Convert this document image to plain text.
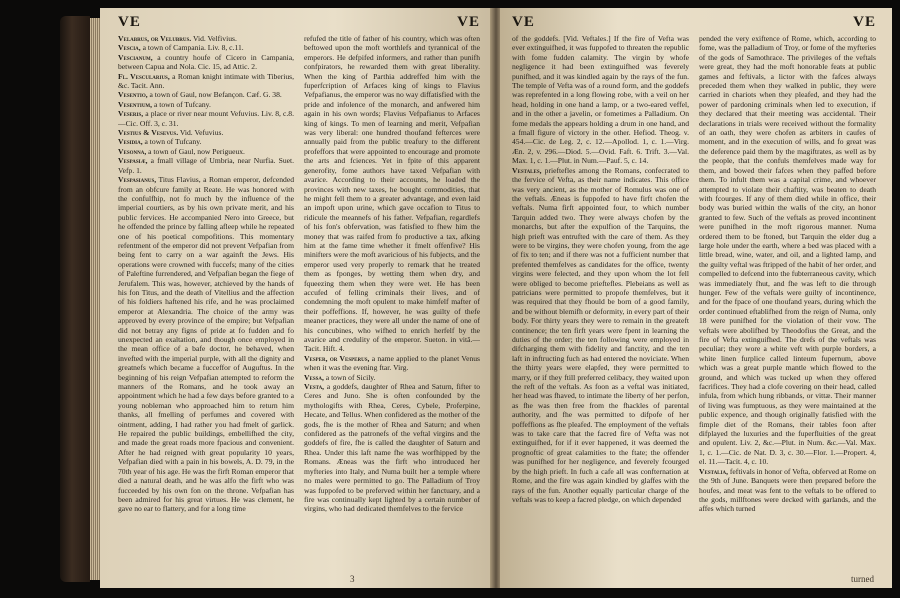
VE	VE

Velabrus, or Velubrus. Vid. Velfivius.

Vescia, a town of Campania. Liv. 8, c.11.

Vescianum, a country houfe of Cicero in Campania, between Capua and Nola. Cic. 15, ad Attic. 2.

Fl. Vescularius, a Roman knight intimate with Tiberius, &c. Tacit. Ann.

Vesentio, a town of Gaul, now Befançon. Cæf. G. 38.

Vesentium, a town of Tufcany.

Veseris, a place or river near mount Vefuvius. Liv. 8, c.8.—Cic. Off. 3, c. 31.

Vestius & Vesevus. Vid. Vefuvius.

Vesidia, a town of Tufcany.

Vesonna, a town of Gaul, now Perigueux.

Vespasiæ, a fmall village of Umbria, near Nurfia. Suet. Vefp. 1.

Vespasianus, Titus Flavius, a Roman emperor, defcended from an obfcure family at Reate. He was honored with the confulfhip, not fo much by the influence of the imperial courtiers, as by his own private merit, and his public fervices. He accompanied Nero into Greece, but he offended the prince by falling afleep while he repeated one of his poetical compofitions. This momentary refentment of the emperor did not prevent Vefpafian from being fent to carry on a war againft the Jews. His operations were crowned with fuccefs; many of the cities of Paleftine furrendered, and Vefpafian began the fiege of Jerufalem. This was, however, atchieved by the hands of his fon Titus, and the death of Vitellius and the affection of his foldiers haftened his rife, and he was proclaimed emperor at Alexandria. The choice of the army was approved by every province of the empire; but Vefpafian did not betray any figns of pride at fo fudden and fo unexpected an exaltation, and though once employed in the mean office of a bafe doctor, he behaved, when invefted with the imperial purple, with all the dignity and greatnefs which became a fucceffor of Auguftus. In the beginning of his reign Vefpafian attempted to reform the manners of the Romans, and he took away an appointment which he had a few days before granted to a young nobleman who approached him to return him thanks, all fmelling of perfumes and covered with ointment, adding, I had rather you had fmelt of garlick. He repaired the public buildings, embellifhed the city, and made the great roads more fpacious and convenient. After he had reigned with great popularity 10 years, Vefpafian died with a pain in his bowels, A. D. 79, in the 70th year of his age. He was the firft Roman emperor that died a natural death, and he was alfo the firft who was fucceeded by his own fon on the throne. Vefpafian has been admired for his great virtues. He was clement, he gave no ear to flattery, and for a long time

refufed the title of father of his country, which was often beftowed upon the moft worthlefs and tyrannical of the emperors. He defpifed informers, and rather than punifh confpirators, he rewarded them with great liberality. When the king of Parthia addreffed him with the fuperfcription of Arfaces king of kings to Flavius Vefpafianus, the emperor was no way diffatisfied with the pride and infolence of the monarch, and anfwered him again in his own words; Flavius Vefpafianus to Arfaces king of kings. To men of learning and merit, Vefpafian was very liberal: one hundred thoufand fefterces were annually paid from the public treafury to the different profeffors that were appointed to encourage and promote the arts and fciences. Yet in fpite of this apparent generofity, fome authors have taxed Vefpafian with avarice. According to their accounts, he loaded the provinces with new taxes, he bought commodities, that he might fell them to a greater advantage, and even laid an impoft upon urine, which gave occafion to Titus to ridicule the meannefs of his father. Vefpafian, regardlefs of his fon's obfervation, was fatisfied to fhew him the money that was raifed from fo productive a tax, afking him at the fame time whether it fmelt offenfive? His minifters were the moft avaricious of his fubjects, and the emperor used very properly to remark that he treated them as fponges, by wetting them when dry, and fqueezing them when they were wet. He has been accufed of felling criminals their lives, and of condemning the moft opulent to make himfelf mafter of their poffeffions. If, however, he was guilty of thefe meaner practices, they were all under the name of one of his concubines, who wifhed to enrich herfelf by the avarice and credulity of the emperor. Sueton. in vitâ.—Tacit. Hift. 4.

Vesper, or Vesperus, a name applied to the planet Venus when it was the evening ftar. Virg.

Vessa, a town of Sicily.

Vesta, a goddefs, daughter of Rhea and Saturn, fifter to Ceres and Juno. She is often confounded by the mythologifts with Rhea, Ceres, Cybele, Proferpine, Hecate, and Tellus. When confidered as the mother of the gods, fhe is the mother of Rhea and Saturn; and when confidered as the patronefs of the veftal virgins and the goddefs of fire, fhe is called the daughter of Saturn and Rhea. Under this laft name fhe was worfhipped by the Romans. Æneas was the firft who introduced her myfteries into Italy, and Numa built her a temple where no males were permitted to go. The Palladium of Troy was fuppofed to be preferved within her fanctuary, and a fire was continually kept lighted by a certain number of virgins, who had dedicated themfelves to the fervice

3
VE	VE

of the goddefs. [Vid. Veftales.] If the fire of Vefta was ever extinguifhed, it was fuppofed to threaten the republic with fome fudden calamity. The virgin by whofe negligence it had been extinguifhed was feverely punifhed, and it was kindled again by the rays of the fun. The temple of Vefta was of a round form, and the goddefs was reprefented in a long flowing robe, with a veil on her head, holding in one hand a lamp, or a two-eared veffel, and in the other a javelin, or fometimes a Palladium. On fome medals the appears holding a drum in one hand, and a fmall figure of victory in the other. Hefiod. Theog. v. 454.—Cic. de Leg. 2, c. 12.—Apollod. 1, c. 1.—Virg. Æn. 2, v. 296.—Diod. 5.—Ovid. Faft. 6. Trift. 3.—Val. Max. 1, c. 1.—Plut. in Num.—Pauf. 5, c. 14.

Vestales, prieftefles among the Romans, confecrated to the fervice of Vefta, as their name indicates. This office was very ancient, as the mother of Romulus was one of the veftals. Æneas is fuppofed to have firft chofen the veftals. Numa firft appointed four, to which number Tarquin added two. They were always chofen by the monarchs, but after the expulfion of the Tarquins, the high prieft was entrufted with the care of them. As they were to be virgins, they were chofen young, from the age of fix to ten; and if there was not a fufficient number that prefented themfelves as candidates for the office, twenty virgins were felected, and they upon whom the lot fell were obliged to become prieftefles. Plebeians as well as patricians were permitted to propofe themfelves, but it was required that they fhould be born of a good family, and be without blemifh or deformity, in every part of their body. For thirty years they were to remain in the greateft continence; the ten firft years were fpent in learning the duties of the order; the ten following were employed in difcharging them with fidelity and fanctity, and the ten laft in inftructing fuch as had entered the noviciate. When the thirty years were elapfed, they were permitted to marry, or if they ftill preferred celibacy, they waited upon the reft of the veftals. As foon as a veftal was initiated, her head was fhaved, to intimate the liberty of her perfon, as fhe was then free from the fhackles of parental authority, and fhe was permitted to difpofe of her poffeffions as fhe pleafed. The employment of the veftals was to take care that the facred fire of Vefta was not extinguifhed, for if it ever happened, it was deemed the prognoftic of great calamities to the ftate; the offender was punifhed for her negligence, and feverely fcourged by the high prieft. In fuch a cafe all was confternation at Rome, and the fire was again kindled by glaffes with the rays of the fun. Another equally particular charge of the veftals was to keep a facred pledge, on which depended

pended the very exiftence of Rome, which, according to fome, was the palladium of Troy, or fome of the myfteries of the gods of Samothrace. The privileges of the veftals were great, they had the moft honorable feats at public games and feftivals, a lictor with the fafces always preceded them when they walked in public, they were carried in chariots when they pleafed, and they had the power of pardoning criminals when led to execution, if they declared that their meeting was accidental. Their declarations in trials were received without the formality of an oath, they were chofen as arbiters in caufes of moment, and in the execution of wills, and fo great was the deference paid them by the magiftrates, as well as by the people, that the confuls themfelves made way for them, and bowed their fafces when they paffed before them. To infult them was a capital crime, and whoever attempted to violate their chaftity, was beaten to death with fcourges. If any of them died while in office, their body was buried within the walls of the city, an honor granted to few. Such of the veftals as proved incontinent were punifhed in the moft rigorous manner. Numa ordered them to be ftoned, but Tarquin the elder dug a large hole under the earth, where a bed was placed with a little bread, wine, water, and oil, and a lighted lamp, and the guilty veftal was ftripped of the habit of her order, and compelled to defcend into the fubterraneous cavity, which was immediately fhut, and fhe was left to die through hunger. Few of the veftals were guilty of incontinence, and for the fpace of one thoufand years, during which the order continued eftablifhed from the reign of Numa, only 18 were punifhed for the violation of their vow. The veftals were abolifhed by Theodofius the Great, and the fire of Vefta extinguifhed. The drefs of the veftals was peculiar; they wore a white veft with purple borders, a white linen furplice called linteum fupernum, above which was a great purple mantle which flowed to the ground, and which was tucked up when they offered facrifices. They had a clofe covering on their head, called infula, from which hung ribbands, or vittæ. Their manner of living was fumptuous, as they were maintained at the public expence, and though originally fatisfied with the fimple diet of the Romans, their tables foon after difplayed the luxuries and the fuperfluities of the great and opulent. Liv. 2, &c.—Plut. in Num. &c.—Val. Max. 1, c. 1.—Cic. de Nat. D. 3, c. 30.—Flor. 1.—Propert. 4, el. 11.—Tacit. 4, c. 10.

Vestalia, feftivals in honor of Vefta, obferved at Rome on the 9th of June. Banquets were then prepared before the houfes, and meat was fent to the veftals to be offered to the gods, millftones were decked with garlands, and the affes which turned

turned
